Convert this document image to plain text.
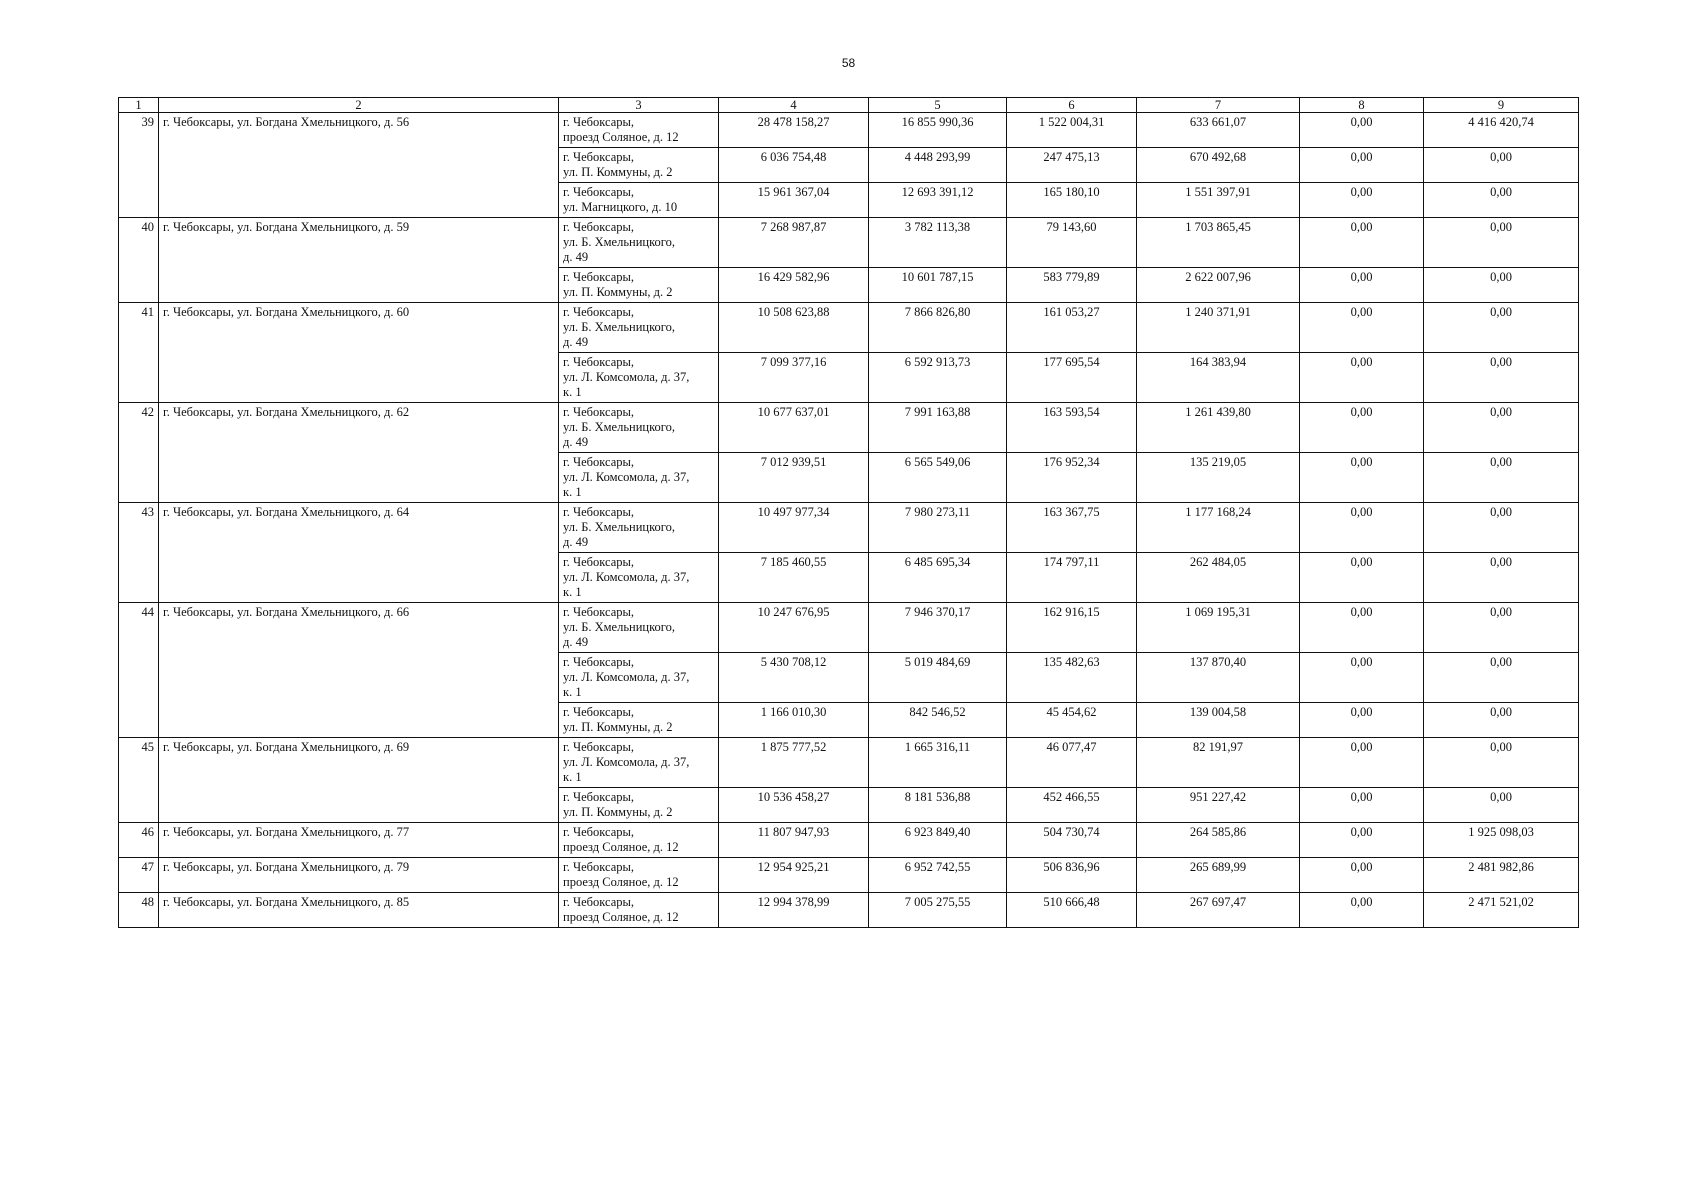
58
1	2	3	4	5	6	7	8	9
39	г. Чебоксары, ул. Богдана Хмельницкого, д. 56	г. Чебоксары,
проезд Соляное, д. 12	28 478 158,27	16 855 990,36	1 522 004,31	633 661,07	0,00	4 416 420,74
		г. Чебоксары,
ул. П. Коммуны, д. 2	6 036 754,48	4 448 293,99	247 475,13	670 492,68	0,00	0,00
		г. Чебоксары,
ул. Магницкого, д. 10	15 961 367,04	12 693 391,12	165 180,10	1 551 397,91	0,00	0,00
40	г. Чебоксары, ул. Богдана Хмельницкого, д. 59	г. Чебоксары,
ул. Б. Хмельницкого,
д. 49	7 268 987,87	3 782 113,38	79 143,60	1 703 865,45	0,00	0,00
		г. Чебоксары,
ул. П. Коммуны, д. 2	16 429 582,96	10 601 787,15	583 779,89	2 622 007,96	0,00	0,00
41	г. Чебоксары, ул. Богдана Хмельницкого, д. 60	г. Чебоксары,
ул. Б. Хмельницкого,
д. 49	10 508 623,88	7 866 826,80	161 053,27	1 240 371,91	0,00	0,00
		г. Чебоксары,
ул. Л. Комсомола, д. 37,
к. 1	7 099 377,16	6 592 913,73	177 695,54	164 383,94	0,00	0,00
42	г. Чебоксары, ул. Богдана Хмельницкого, д. 62	г. Чебоксары,
ул. Б. Хмельницкого,
д. 49	10 677 637,01	7 991 163,88	163 593,54	1 261 439,80	0,00	0,00
		г. Чебоксары,
ул. Л. Комсомола, д. 37,
к. 1	7 012 939,51	6 565 549,06	176 952,34	135 219,05	0,00	0,00
43	г. Чебоксары, ул. Богдана Хмельницкого, д. 64	г. Чебоксары,
ул. Б. Хмельницкого,
д. 49	10 497 977,34	7 980 273,11	163 367,75	1 177 168,24	0,00	0,00
		г. Чебоксары,
ул. Л. Комсомола, д. 37,
к. 1	7 185 460,55	6 485 695,34	174 797,11	262 484,05	0,00	0,00
44	г. Чебоксары, ул. Богдана Хмельницкого, д. 66	г. Чебоксары,
ул. Б. Хмельницкого,
д. 49	10 247 676,95	7 946 370,17	162 916,15	1 069 195,31	0,00	0,00
		г. Чебоксары,
ул. Л. Комсомола, д. 37,
к. 1	5 430 708,12	5 019 484,69	135 482,63	137 870,40	0,00	0,00
		г. Чебоксары,
ул. П. Коммуны, д. 2	1 166 010,30	842 546,52	45 454,62	139 004,58	0,00	0,00
45	г. Чебоксары, ул. Богдана Хмельницкого, д. 69	г. Чебоксары,
ул. Л. Комсомола, д. 37,
к. 1	1 875 777,52	1 665 316,11	46 077,47	82 191,97	0,00	0,00
		г. Чебоксары,
ул. П. Коммуны, д. 2	10 536 458,27	8 181 536,88	452 466,55	951 227,42	0,00	0,00
46	г. Чебоксары, ул. Богдана Хмельницкого, д. 77	г. Чебоксары,
проезд Соляное, д. 12	11 807 947,93	6 923 849,40	504 730,74	264 585,86	0,00	1 925 098,03
47	г. Чебоксары, ул. Богдана Хмельницкого, д. 79	г. Чебоксары,
проезд Соляное, д. 12	12 954 925,21	6 952 742,55	506 836,96	265 689,99	0,00	2 481 982,86
48	г. Чебоксары, ул. Богдана Хмельницкого, д. 85	г. Чебоксары,
проезд Соляное, д. 12	12 994 378,99	7 005 275,55	510 666,48	267 697,47	0,00	2 471 521,02
